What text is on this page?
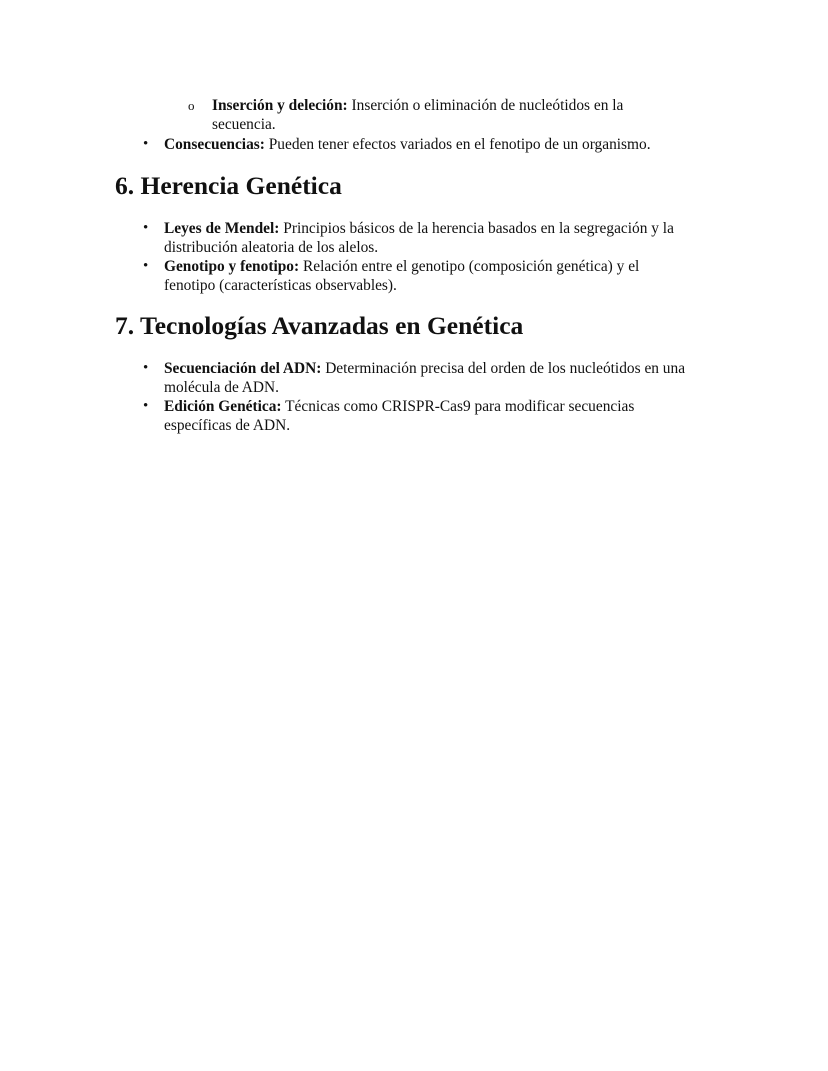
o Inserción y deleción: Inserción o eliminación de nucleótidos en la secuencia.

• Consecuencias: Pueden tener efectos variados en el fenotipo de un organismo.

6. Herencia Genética
• Leyes de Mendel: Principios básicos de la herencia basados en la segregación y la distribución aleatoria de los alelos.

• Genotipo y fenotipo: Relación entre el genotipo (composición genética) y el fenotipo (características observables).

7. Tecnologías Avanzadas en Genética
• Secuenciación del ADN: Determinación precisa del orden de los nucleótidos en una molécula de ADN.

• Edición Genética: Técnicas como CRISPR-Cas9 para modificar secuencias específicas de ADN.
